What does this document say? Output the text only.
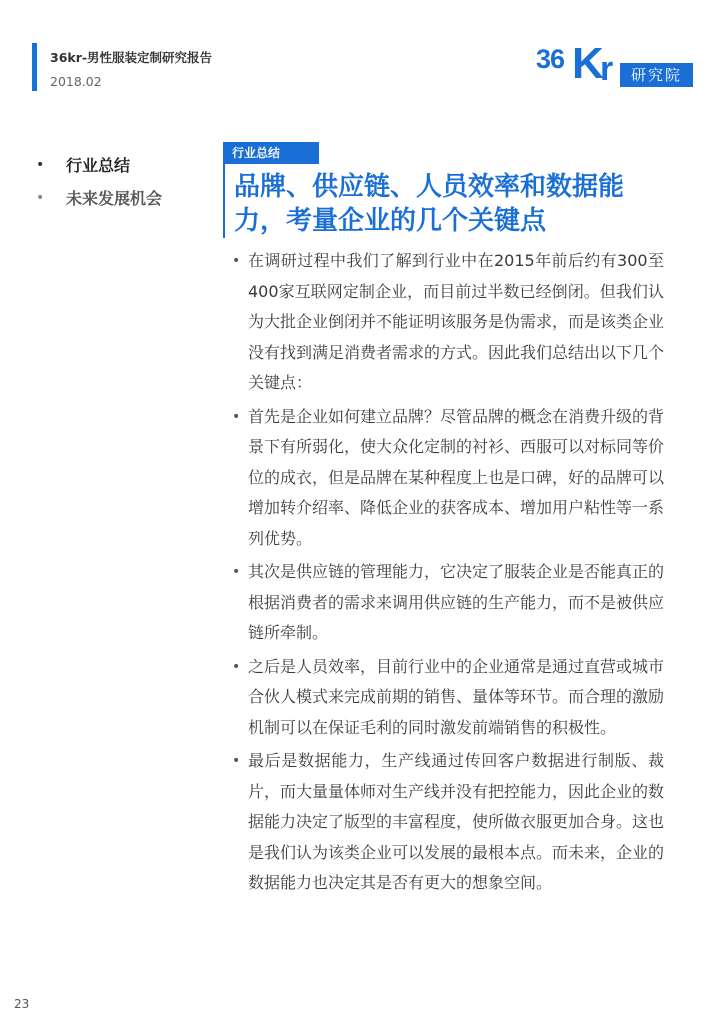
36kr-男性服装定制研究报告
2018.02
36 K
r	研究院
•	行业总结
•	未来发展机会
行业总结
品牌、供应链、人员效率和数据能力，考量企业的几个关键点
• 在调研过程中我们了解到行业中在2015年前后约有300至400家互联网定制企业，而目前过半数已经倒闭。但我们认为大批企业倒闭并不能证明该服务是伪需求，而是该类企业没有找到满足消费者需求的方式。因此我们总结出以下几个关键点：
• 首先是企业如何建立品牌？尽管品牌的概念在消费升级的背景下有所弱化，使大众化定制的衬衫、西服可以对标同等价位的成衣，但是品牌在某种程度上也是口碑，好的品牌可以增加转介绍率、降低企业的获客成本、增加用户粘性等一系列优势。
• 其次是供应链的管理能力，它决定了服装企业是否能真正的根据消费者的需求来调用供应链的生产能力，而不是被供应链所牵制。
• 之后是人员效率，目前行业中的企业通常是通过直营或城市合伙人模式来完成前期的销售、量体等环节。而合理的激励机制可以在保证毛利的同时激发前端销售的积极性。
• 最后是数据能力，生产线通过传回客户数据进行制版、裁片，而大量量体师对生产线并没有把控能力，因此企业的数据能力决定了版型的丰富程度，使所做衣服更加合身。这也是我们认为该类企业可以发展的最根本点。而未来，企业的数据能力也决定其是否有更大的想象空间。
23
